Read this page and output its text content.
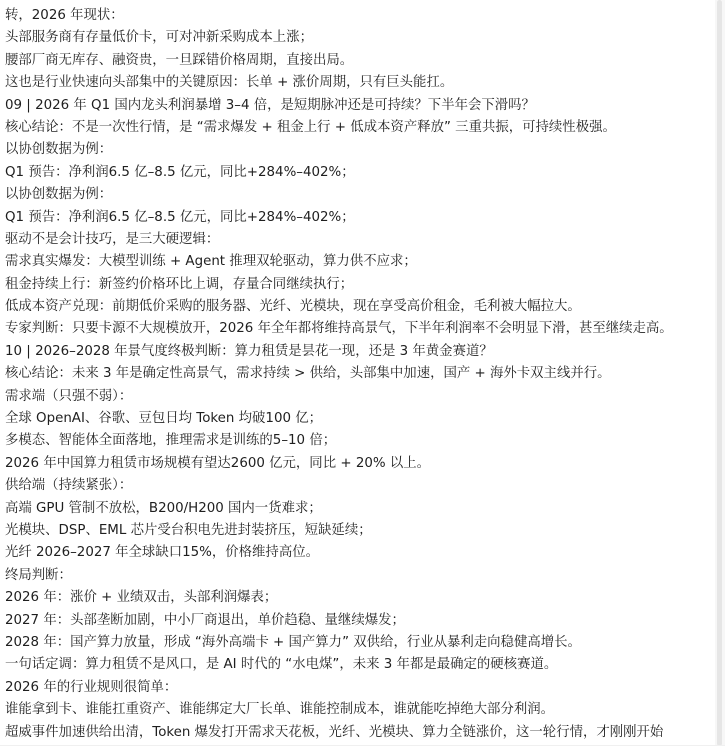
转，2026 年现状：
头部服务商有存量低价卡，可对冲新采购成本上涨；
腰部厂商无库存、融资贵，一旦踩错价格周期，直接出局。
这也是行业快速向头部集中的关键原因：长单 + 涨价周期，只有巨头能扛。
09 | 2026 年 Q1 国内龙头利润暴增 3–4 倍，是短期脉冲还是可持续？下半年会下滑吗？
核心结论：不是一次性行情，是 “需求爆发 + 租金上行 + 低成本资产释放” 三重共振，可持续性极强。
以协创数据为例：
Q1 预告：净利润6.5 亿–8.5 亿元，同比+284%–402%；
以协创数据为例：
Q1 预告：净利润6.5 亿–8.5 亿元，同比+284%–402%；
驱动不是会计技巧，是三大硬逻辑：
需求真实爆发：大模型训练 + Agent 推理双轮驱动，算力供不应求；
租金持续上行：新签约价格环比上调，存量合同继续执行；
低成本资产兑现：前期低价采购的服务器、光纤、光模块，现在享受高价租金，毛利被大幅拉大。
专家判断：只要卡源不大规模放开，2026 年全年都将维持高景气，下半年利润率不会明显下滑，甚至继续走高。
10 | 2026–2028 年景气度终极判断：算力租赁是昙花一现，还是 3 年黄金赛道？
核心结论：未来 3 年是确定性高景气，需求持续 > 供给，头部集中加速，国产 + 海外卡双主线并行。
需求端（只强不弱）：
全球 OpenAI、谷歌、豆包日均 Token 均破100 亿；
多模态、智能体全面落地，推理需求是训练的5–10 倍；
2026 年中国算力租赁市场规模有望达2600 亿元，同比 + 20% 以上。
供给端（持续紧张）：
高端 GPU 管制不放松，B200/H200 国内一货难求；
光模块、DSP、EML 芯片受台积电先进封装挤压，短缺延续；
光纤 2026–2027 年全球缺口15%，价格维持高位。
终局判断：
2026 年：涨价 + 业绩双击，头部利润爆表；
2027 年：头部垄断加剧，中小厂商退出，单价趋稳、量继续爆发；
2028 年：国产算力放量，形成 “海外高端卡 + 国产算力” 双供给，行业从暴利走向稳健高增长。
一句话定调：算力租赁不是风口，是 AI 时代的 “水电煤”，未来 3 年都是最确定的硬核赛道。
2026 年的行业规则很简单：
谁能拿到卡、谁能扛重资产、谁能绑定大厂长单、谁能控制成本，谁就能吃掉绝大部分利润。
超威事件加速供给出清，Token 爆发打开需求天花板，光纤、光模块、算力全链涨价，这一轮行情，才刚刚开始
